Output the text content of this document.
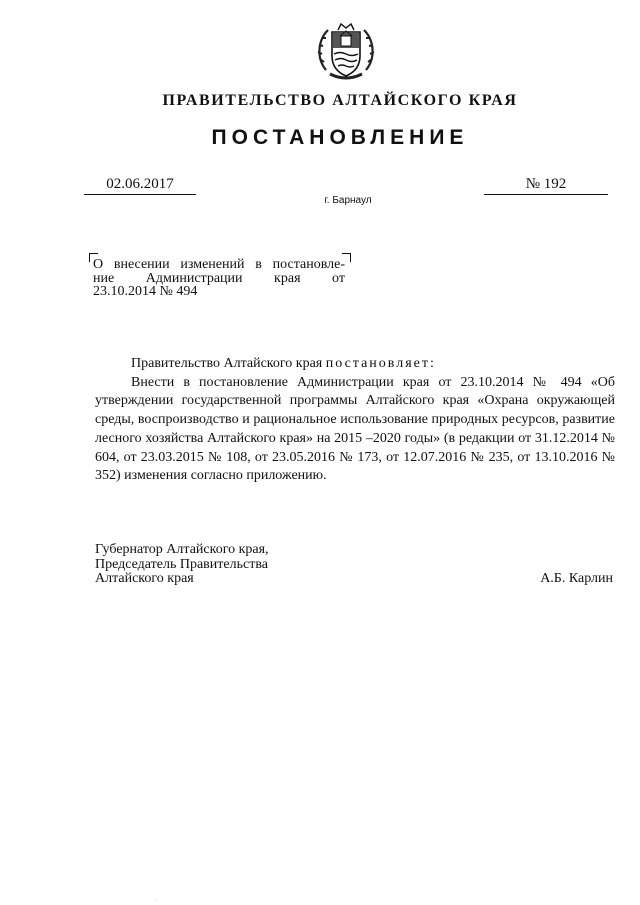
ПРАВИТЕЛЬСТВО АЛТАЙСКОГО КРАЯ
ПОСТАНОВЛЕНИЕ
02.06.2017	№ 192
г. Барнаул
О внесении изменений в постановле-
ние Администрации края от
23.10.2014 № 494

Правительство Алтайского края постановляет:

Внести в постановление Администрации края от 23.10.2014 № 494 «Об утверждении государственной программы Алтайского края «Охрана окружающей среды, воспроизводство и рациональное использование природных ресурсов, развитие лесного хозяйства Алтайского края» на 2015 –2020 годы» (в редакции от 31.12.2014 № 604, от 23.03.2015 № 108, от 23.05.2016 № 173, от 12.07.2016 № 235, от 13.10.2016 № 352) изменения согласно приложению.

Губернатор Алтайского края,
Председатель Правительства
Алтайского края	А.Б. Карлин
.
